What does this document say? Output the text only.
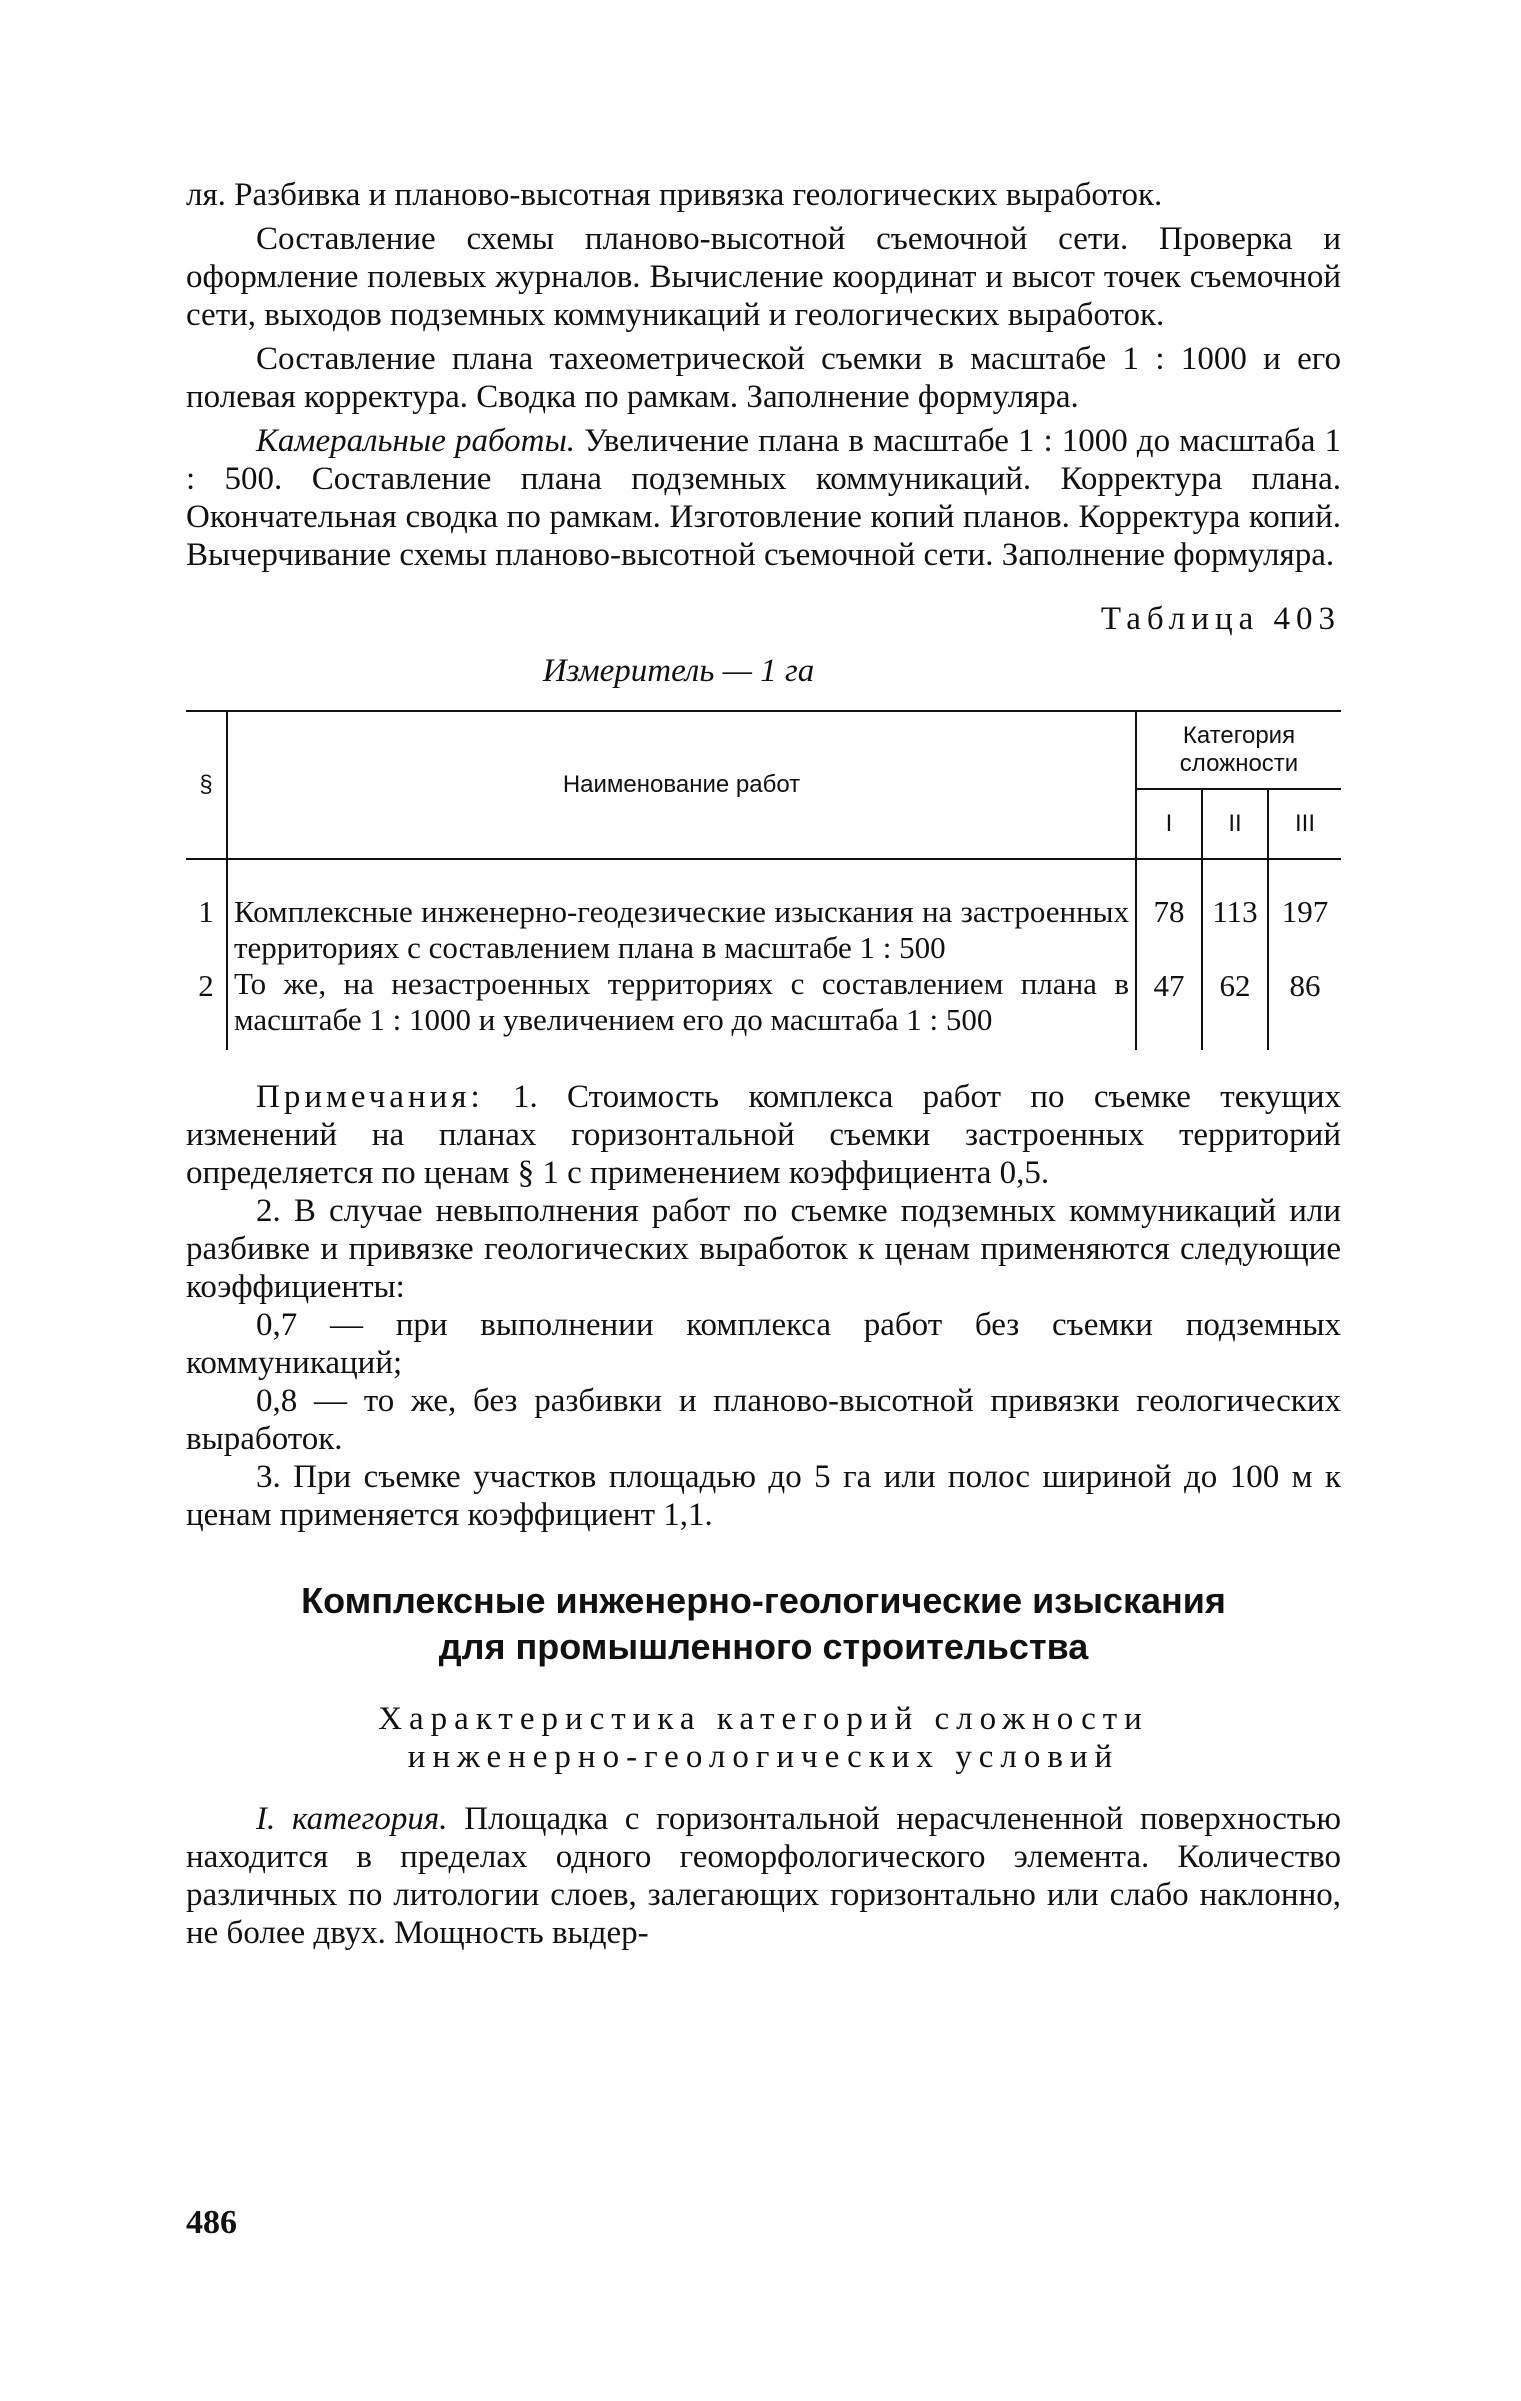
ля. Разбивка и планово-высотная привязка геологических выработок.

Составление схемы планово-высотной съемочной сети. Проверка и оформление полевых журналов. Вычисление координат и высот точек съемочной сети, выходов подземных коммуникаций и геологических выработок.

Составление плана тахеометрической съемки в масштабе 1 : 1000 и его полевая корректура. Сводка по рамкам. Заполнение формуляра.

Камеральные работы. Увеличение плана в масштабе 1 : 1000 до масштаба 1 : 500. Составление плана подземных коммуникаций. Корректура плана. Окончательная сводка по рамкам. Изготовление копий планов. Корректура копий. Вычерчивание схемы планово-высотной съемочной сети. Заполнение формуляра.

Таблица 403
Измеритель — 1 га
§	Наименование работ	Категория сложности		
		I	II	III
1	Комплексные инженерно-геодезические изыскания на застроенных территориях с составлением плана в масштабе 1 : 500	78	113	197
2	То же, на незастроенных территориях с составлением плана в масштабе 1 : 1000 и увеличением его до масштаба 1 : 500	47	62	86

Примечания: 1. Стоимость комплекса работ по съемке текущих изменений на планах горизонтальной съемки застроенных территорий определяется по ценам § 1 с применением коэффициента 0,5.

2. В случае невыполнения работ по съемке подземных коммуникаций или разбивке и привязке геологических выработок к ценам применяются следующие коэффициенты:

0,7 — при выполнении комплекса работ без съемки подземных коммуникаций;

0,8 — то же, без разбивки и планово-высотной привязки геологических выработок.

3. При съемке участков площадью до 5 га или полос шириной до 100 м к ценам применяется коэффициент 1,1.

Комплексные инженерно-геологические изыскания
для промышленного строительства
Характеристика категорий сложности
инженерно-геологических условий

I. категория. Площадка с горизонтальной нерасчлененной поверхностью находится в пределах одного геоморфологического элемента. Количество различных по литологии слоев, залегающих горизонтально или слабо наклонно, не более двух. Мощность выдер-

486
